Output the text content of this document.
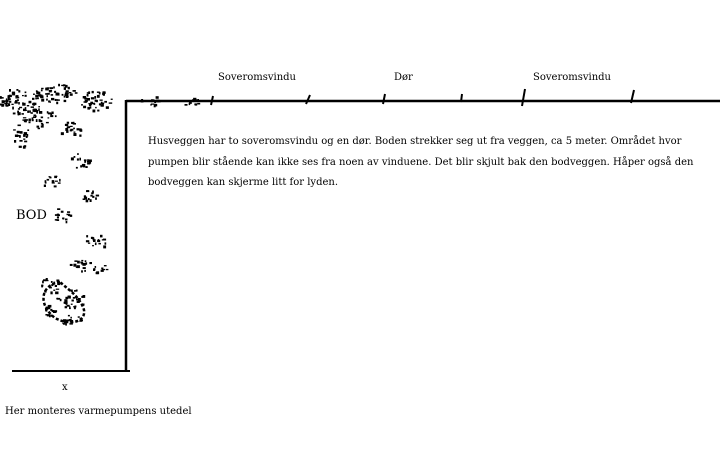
Soveromsvindu	Dør	Soveromsvindu

BOD

x

Her monteres varmepumpens utedel

Husveggen har to soveromsvindu og en dør. Boden strekker seg ut fra veggen, ca 5 meter. Området hvor
pumpen blir stående kan ikke ses fra noen av vinduene. Det blir skjult bak den bodveggen. Håper også den
bodveggen kan skjerme litt for lyden.
